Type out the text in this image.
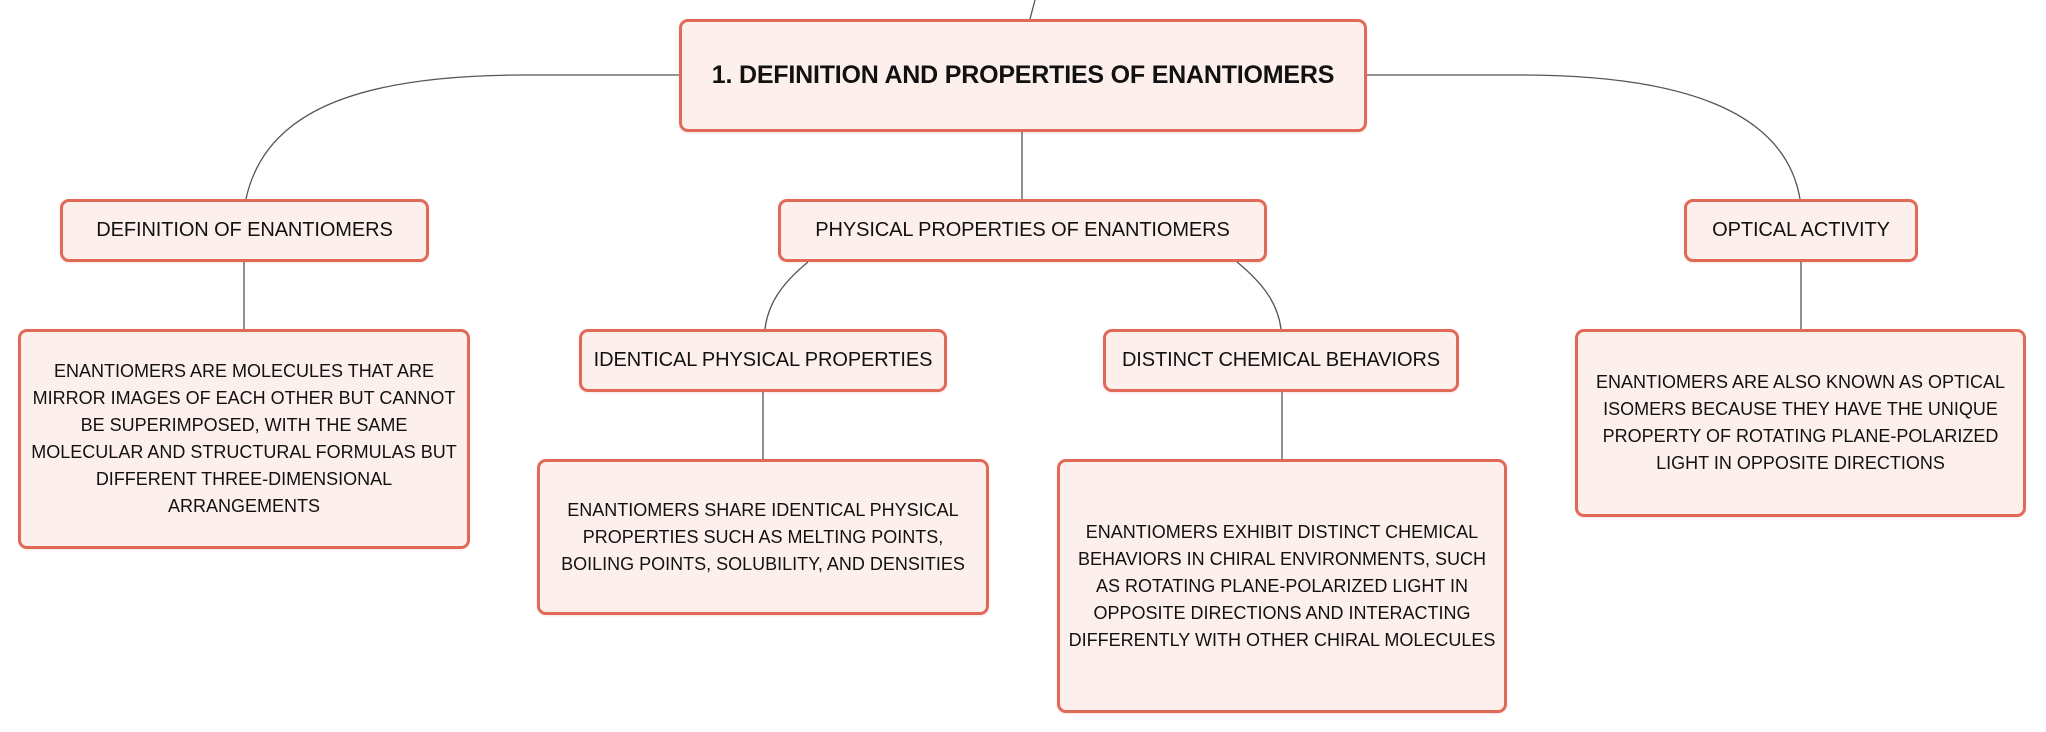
1. DEFINITION AND PROPERTIES OF ENANTIOMERS
DEFINITION OF ENANTIOMERS	PHYSICAL PROPERTIES OF ENANTIOMERS	OPTICAL ACTIVITY
IDENTICAL PHYSICAL PROPERTIES	DISTINCT CHEMICAL BEHAVIORS
ENANTIOMERS ARE MOLECULES THAT ARE MIRROR IMAGES OF EACH OTHER BUT CANNOT BE SUPERIMPOSED, WITH THE SAME MOLECULAR AND STRUCTURAL FORMULAS BUT DIFFERENT THREE-DIMENSIONAL ARRANGEMENTS	ENANTIOMERS SHARE IDENTICAL PHYSICAL PROPERTIES SUCH AS MELTING POINTS, BOILING POINTS, SOLUBILITY, AND DENSITIES
ENANTIOMERS EXHIBIT DISTINCT CHEMICAL BEHAVIORS IN CHIRAL ENVIRONMENTS, SUCH AS ROTATING PLANE-POLARIZED LIGHT IN OPPOSITE DIRECTIONS AND INTERACTING DIFFERENTLY WITH OTHER CHIRAL MOLECULES
ENANTIOMERS ARE ALSO KNOWN AS OPTICAL ISOMERS BECAUSE THEY HAVE THE UNIQUE PROPERTY OF ROTATING PLANE-POLARIZED LIGHT IN OPPOSITE DIRECTIONS
